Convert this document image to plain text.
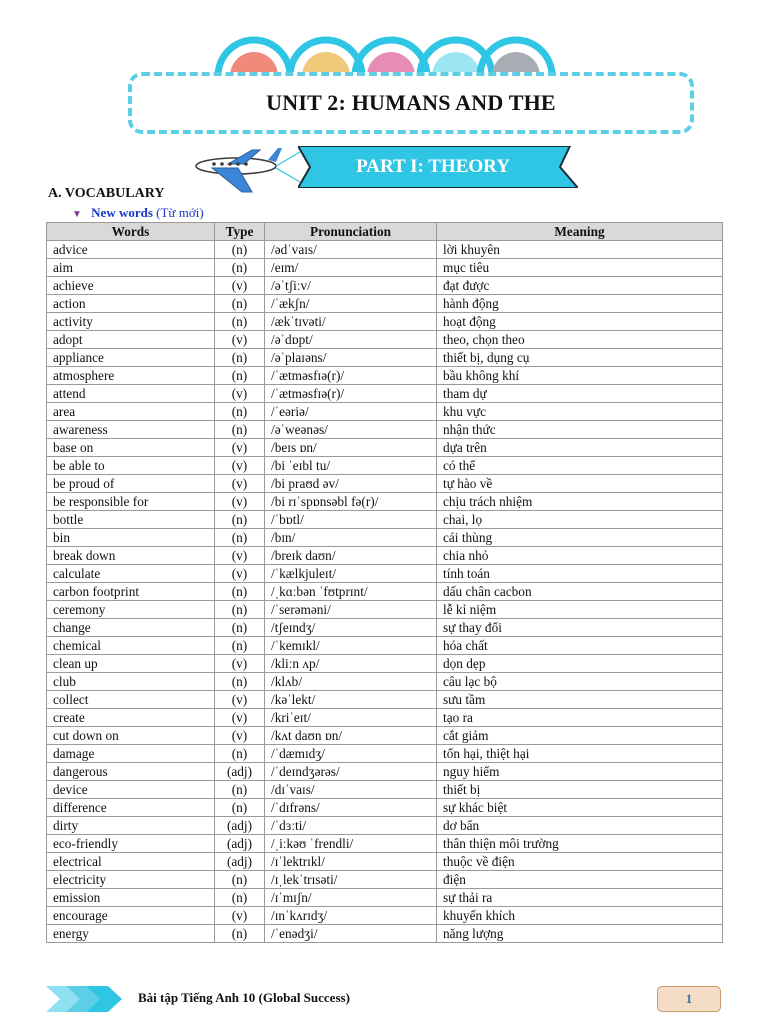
UNIT 2: HUMANS AND THE
PART I: THEORY
A. VOCABULARY
▼ New words (Từ mới)
Words	Type	Pronunciation	Meaning
advice	(n)	/ədˈvaɪs/	lời khuyên
aim	(n)	/eɪm/	mục tiêu
achieve	(v)	/əˈtʃiːv/	đạt được
action	(n)	/ˈækʃn/	hành động
activity	(n)	/ækˈtɪvəti/	hoạt động
adopt	(v)	/əˈdɒpt/	theo, chọn theo
appliance	(n)	/əˈplaɪəns/	thiết bị, dụng cụ
atmosphere	(n)	/ˈætməsfɪə(r)/	bầu không khí
attend	(v)	/ˈætməsfɪə(r)/	tham dự
area	(n)	/ˈeəriə/	khu vực
awareness	(n)	/əˈweənəs/	nhận thức
base on	(v)	/beɪs ɒn/	dựa trên
be able to	(v)	/bi ˈeɪbl tu/	có thể
be proud of	(v)	/bi praʊd əv/	tự hào về
be responsible for	(v)	/bi rɪˈspɒnsəbl fə(r)/	chịu trách nhiệm
bottle	(n)	/ˈbɒtl/	chai, lọ
bin	(n)	/bɪn/	cái thùng
break down	(v)	/breɪk daʊn/	chia nhỏ
calculate	(v)	/ˈkælkjuleɪt/	tính toán
carbon footprint	(n)	/ˌkɑːbən ˈfʊtprɪnt/	dấu chân cacbon
ceremony	(n)	/ˈserəməni/	lễ kỉ niệm
change	(n)	/tʃeɪndʒ/	sự thay đổi
chemical	(n)	/ˈkemɪkl/	hóa chất
clean up	(v)	/kliːn ʌp/	dọn dẹp
club	(n)	/klʌb/	câu lạc bộ
collect	(v)	/kəˈlekt/	sưu tầm
create	(v)	/kriˈeɪt/	tạo ra
cut down on	(v)	/kʌt daʊn ɒn/	cắt giảm
damage	(n)	/ˈdæmɪdʒ/	tổn hại, thiệt hại
dangerous	(adj)	/ˈdeɪndʒərəs/	nguy hiểm
device	(n)	/dɪˈvaɪs/	thiết bị
difference	(n)	/ˈdɪfrəns/	sự khác biệt
dirty	(adj)	/ˈdɜːti/	dơ bẩn
eco-friendly	(adj)	/ˌiːkəʊ ˈfrendli/	thân thiện môi trường
electrical	(adj)	/ɪˈlektrɪkl/	thuộc về điện
electricity	(n)	/ɪˌlekˈtrɪsəti/	điện
emission	(n)	/ɪˈmɪʃn/	sự thải ra
encourage	(v)	/ɪnˈkʌrɪdʒ/	khuyến khích
energy	(n)	/ˈenədʒi/	năng lượng
Bài tập Tiếng Anh 10 (Global Success)	1
